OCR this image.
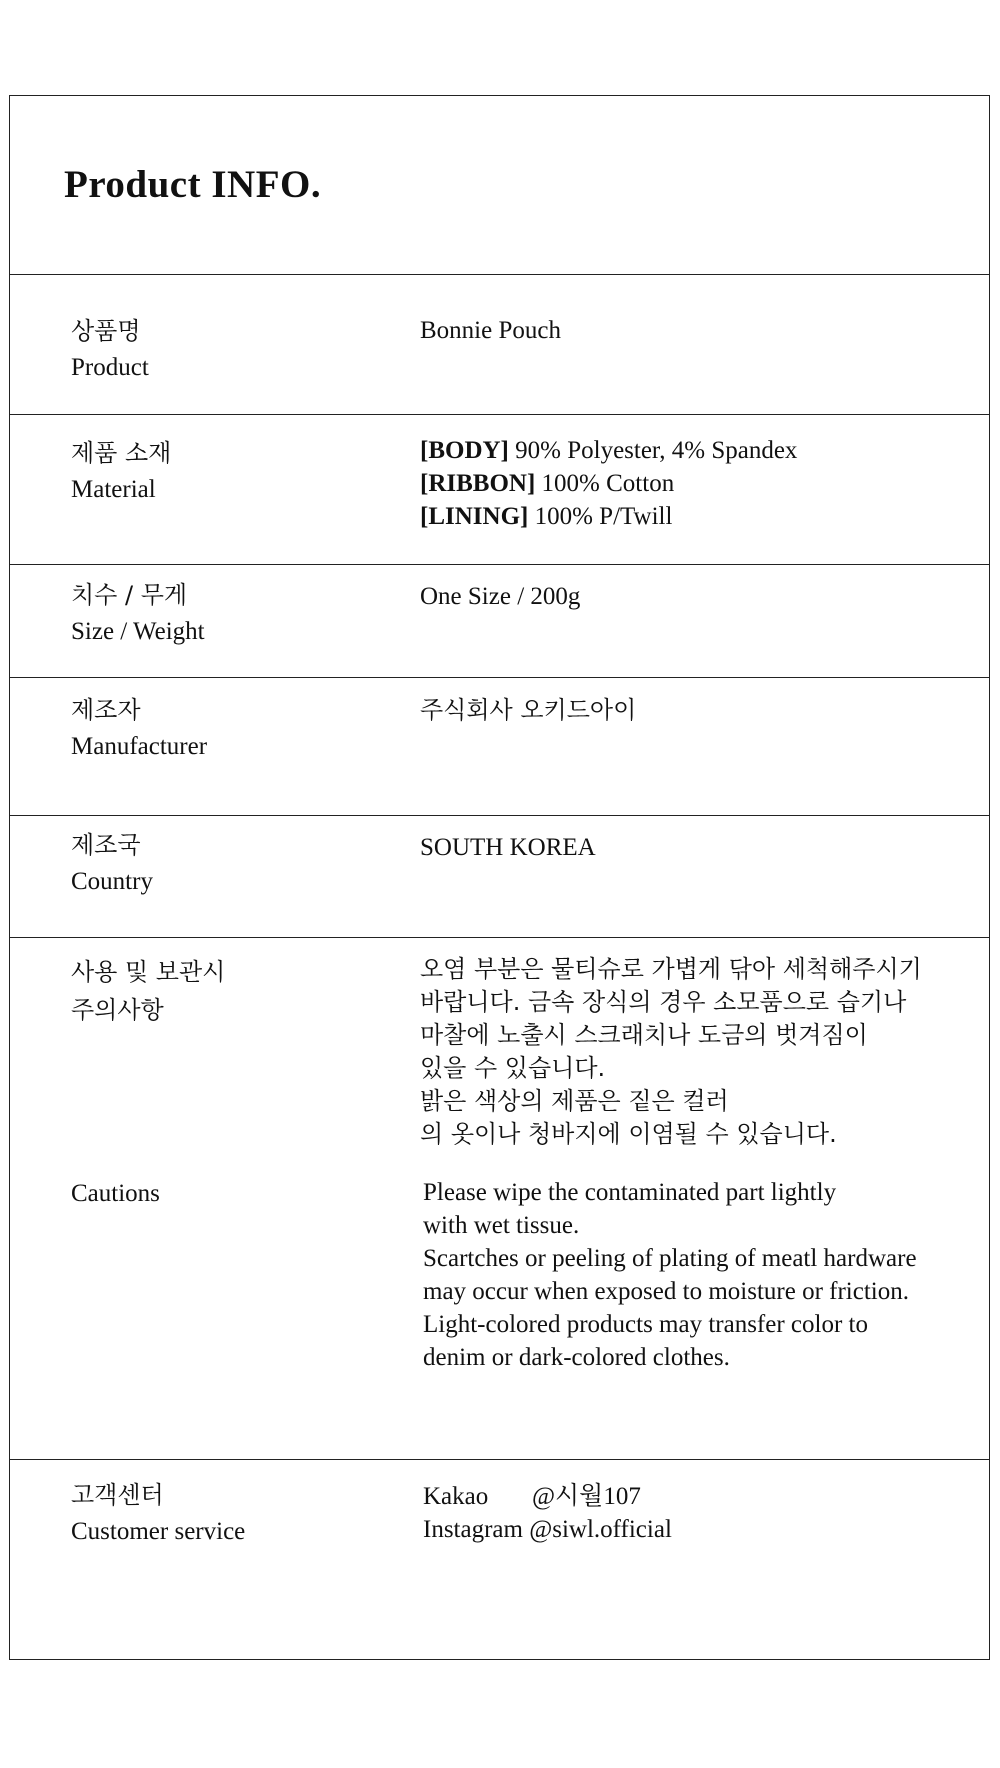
Product INFO.
상품명
Product
Bonnie Pouch
제품 소재
Material
[BODY] 90% Polyester, 4% Spandex
[RIBBON] 100% Cotton
[LINING] 100% P/Twill
치수 / 무게
Size / Weight
One Size / 200g
제조자
Manufacturer
주식회사 오키드아이
제조국
Country
SOUTH KOREA
사용 및 보관시
주의사항
오염 부분은 물티슈로 가볍게 닦아 세척해주시기
바랍니다. 금속 장식의 경우 소모품으로 습기나
마찰에 노출시 스크래치나 도금의 벗겨짐이
있을 수 있습니다.
밝은 색상의 제품은 짙은 컬러
의 옷이나 청바지에 이염될 수 있습니다.
Cautions	Please wipe the contaminated part lightly
with wet tissue.
Scartches or peeling of plating of meatl hardware
may occur when exposed to moisture or friction.
Light-colored products may transfer color to
denim or dark-colored clothes.
고객센터
Customer service
Kakao       @시월107
Instagram @siwl.official
